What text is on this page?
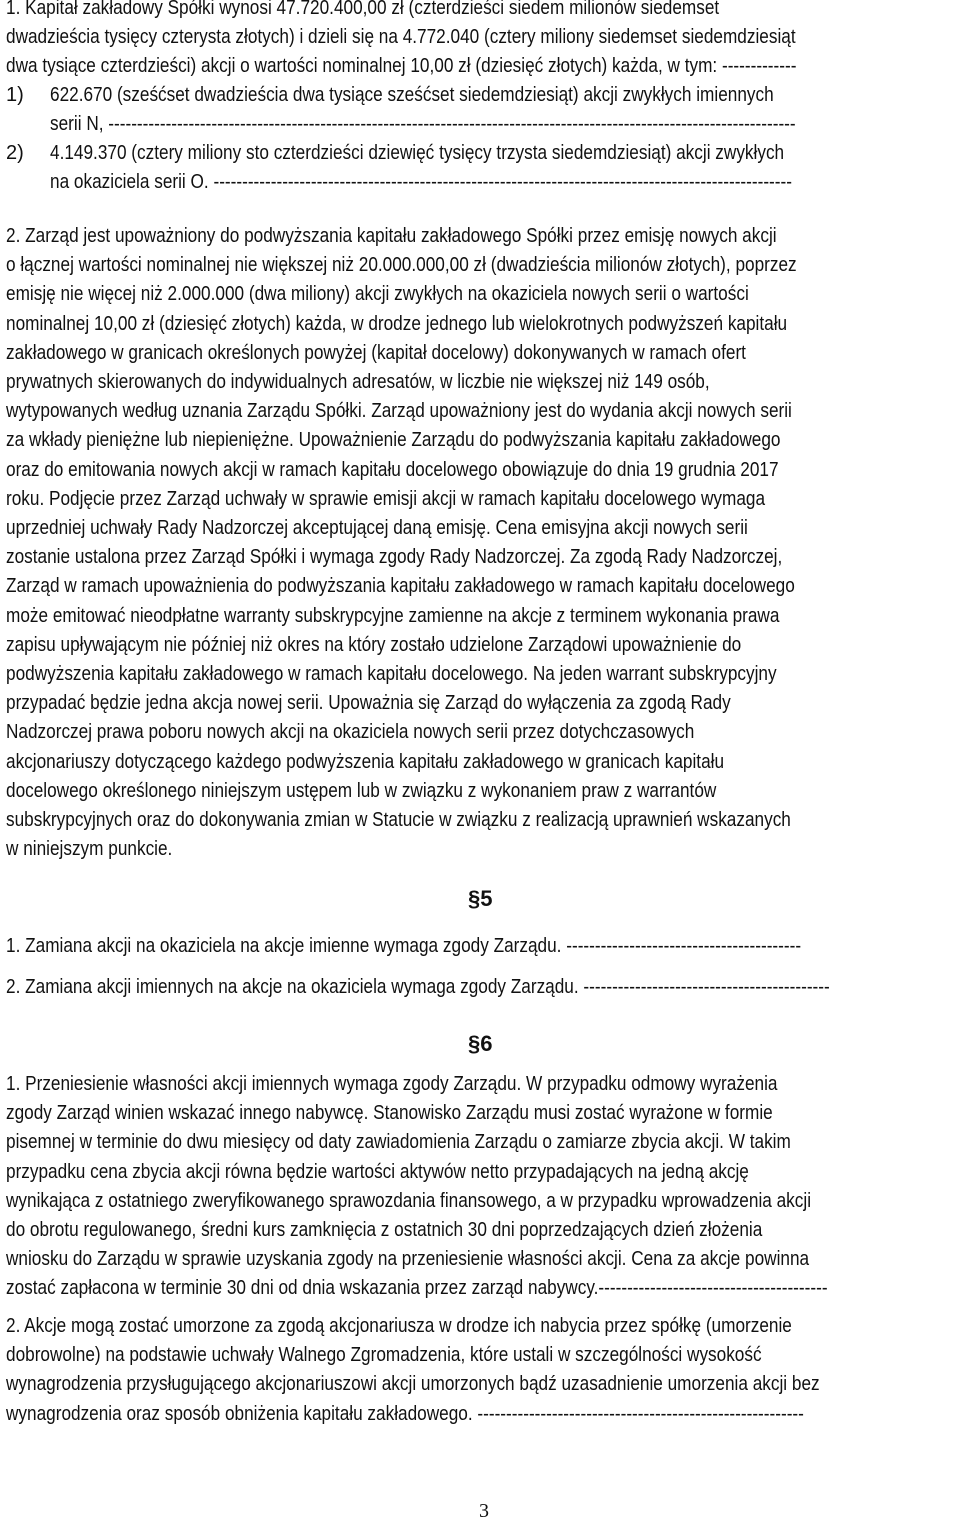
1. Kapitał zakładowy Spółki wynosi 47.720.400,00 zł (czterdzieści siedem milionów siedemset
dwadzieścia tysięcy czterysta złotych) i dzieli się na 4.772.040 (cztery miliony siedemset siedemdziesiąt
dwa tysiące czterdzieści) akcji o wartości nominalnej 10,00 zł (dziesięć złotych) każda, w tym: -------------
1) 622.670 (sześćset dwadzieścia dwa tysiące sześćset siedemdziesiąt) akcji zwykłych imiennych
serii N, ------------------------------------------------------------------------------------------------------------------------
2) 4.149.370 (cztery miliony sto czterdzieści dziewięć tysięcy trzysta siedemdziesiąt) akcji zwykłych
na okaziciela serii O. -----------------------------------------------------------------------------------------------------
2. Zarząd jest upoważniony do podwyższania kapitału zakładowego Spółki przez emisję nowych akcji
o łącznej wartości nominalnej nie większej niż 20.000.000,00 zł (dwadzieścia milionów złotych), poprzez
emisję nie więcej niż 2.000.000 (dwa miliony) akcji zwykłych na okaziciela nowych serii o wartości
nominalnej 10,00 zł (dziesięć złotych) każda, w drodze jednego lub wielokrotnych podwyższeń kapitału
zakładowego w granicach określonych powyżej (kapitał docelowy) dokonywanych w ramach ofert
prywatnych skierowanych do indywidualnych adresatów, w liczbie nie większej niż 149 osób,
wytypowanych według uznania Zarządu Spółki. Zarząd upoważniony jest do wydania akcji nowych serii
za wkłady pieniężne lub niepieniężne. Upoważnienie Zarządu do podwyższania kapitału zakładowego
oraz do emitowania nowych akcji w ramach kapitału docelowego obowiązuje do dnia 19 grudnia 2017
roku. Podjęcie przez Zarząd uchwały w sprawie emisji akcji w ramach kapitału docelowego wymaga
uprzedniej uchwały Rady Nadzorczej akceptującej daną emisję. Cena emisyjna akcji nowych serii
zostanie ustalona przez Zarząd Spółki i wymaga zgody Rady Nadzorczej. Za zgodą Rady Nadzorczej,
Zarząd w ramach upoważnienia do podwyższania kapitału zakładowego w ramach kapitału docelowego
może emitować nieodpłatne warranty subskrypcyjne zamienne na akcje z terminem wykonania prawa
zapisu upływającym nie później niż okres na który zostało udzielone Zarządowi upoważnienie do
podwyższenia kapitału zakładowego w ramach kapitału docelowego. Na jeden warrant subskrypcyjny
przypadać będzie jedna akcja nowej serii. Upoważnia się Zarząd do wyłączenia za zgodą Rady
Nadzorczej prawa poboru nowych akcji na okaziciela nowych serii przez dotychczasowych
akcjonariuszy dotyczącego każdego podwyższenia kapitału zakładowego w granicach kapitału
docelowego określonego niniejszym ustępem lub w związku z wykonaniem praw z warrantów
subskrypcyjnych oraz do dokonywania zmian w Statucie w związku z realizacją uprawnień wskazanych
w niniejszym punkcie.
§5
1. Zamiana akcji na okaziciela na akcje imienne wymaga zgody Zarządu. -----------------------------------------
2. Zamiana akcji imiennych na akcje na okaziciela wymaga zgody Zarządu. -------------------------------------------
§6
1. Przeniesienie własności akcji imiennych wymaga zgody Zarządu. W przypadku odmowy wyrażenia
zgody Zarząd winien wskazać innego nabywcę. Stanowisko Zarządu musi zostać wyrażone w formie
pisemnej w terminie do dwu miesięcy od daty zawiadomienia Zarządu o zamiarze zbycia akcji. W takim
przypadku cena zbycia akcji równa będzie wartości aktywów netto przypadających na jedną akcję
wynikająca z ostatniego zweryfikowanego sprawozdania finansowego, a w przypadku wprowadzenia akcji
do obrotu regulowanego, średni kurs zamknięcia z ostatnich 30 dni poprzedzających dzień złożenia
wniosku do Zarządu w sprawie uzyskania zgody na przeniesienie własności akcji. Cena za akcje powinna
zostać zapłacona w terminie 30 dni od dnia wskazania przez zarząd nabywcy.----------------------------------------
2. Akcje mogą zostać umorzone za zgodą akcjonariusza w drodze ich nabycia przez spółkę (umorzenie
dobrowolne) na podstawie uchwały Walnego Zgromadzenia, które ustali w szczególności wysokość
wynagrodzenia przysługującego akcjonariuszowi akcji umorzonych bądź uzasadnienie umorzenia akcji bez
wynagrodzenia oraz sposób obniżenia kapitału zakładowego. ---------------------------------------------------------
3
